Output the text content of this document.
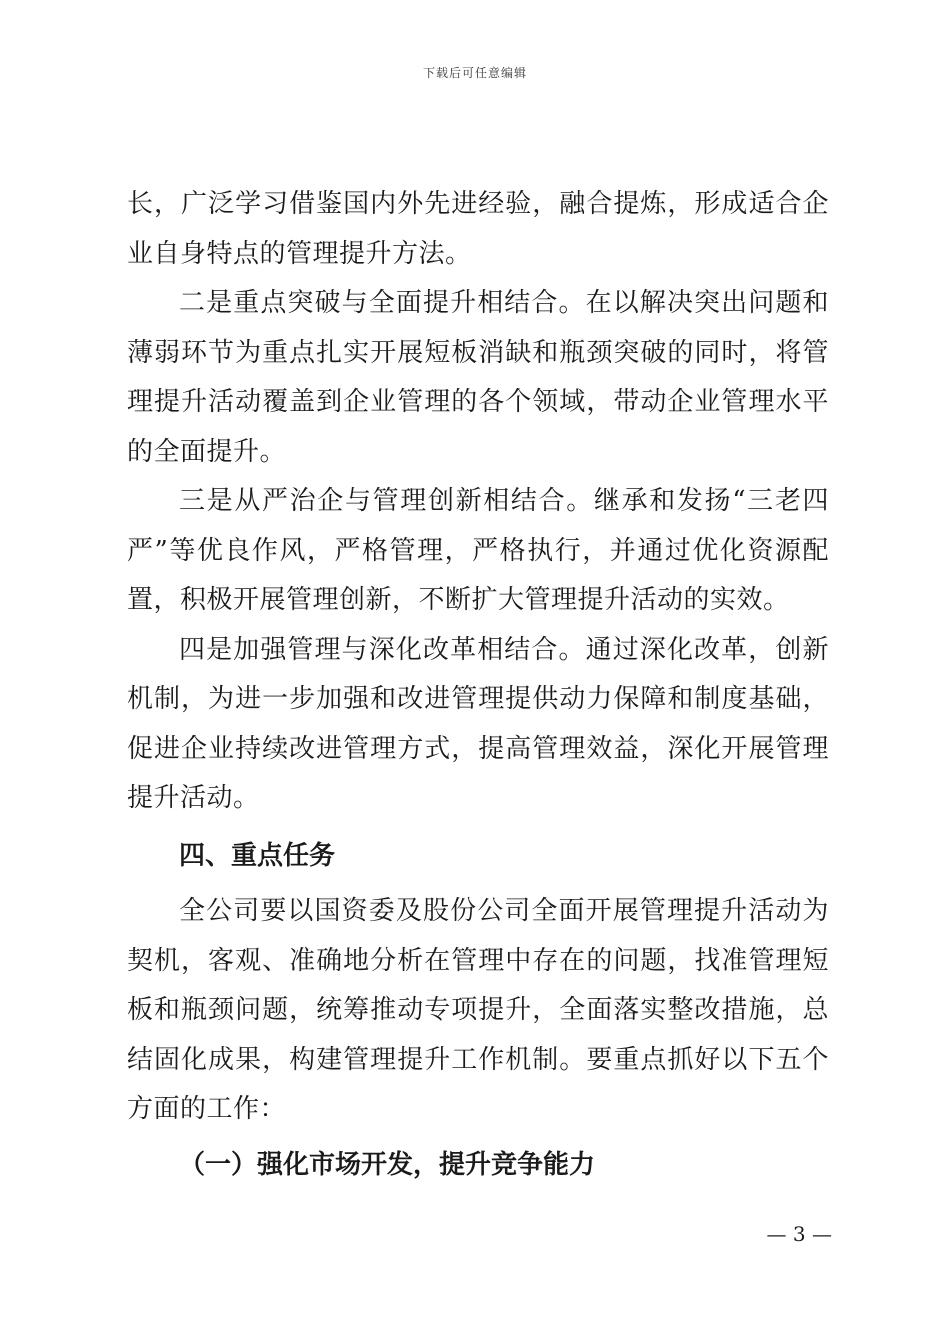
下载后可任意编辑

长，广泛学习借鉴国内外先进经验，融合提炼，形成适合企业自身特点的管理提升方法。

二是重点突破与全面提升相结合。在以解决突出问题和薄弱环节为重点扎实开展短板消缺和瓶颈突破的同时，将管理提升活动覆盖到企业管理的各个领域，带动企业管理水平的全面提升。

三是从严治企与管理创新相结合。继承和发扬“三老四严”等优良作风，严格管理，严格执行，并通过优化资源配置，积极开展管理创新，不断扩大管理提升活动的实效。

四是加强管理与深化改革相结合。通过深化改革，创新机制，为进一步加强和改进管理提供动力保障和制度基础，促进企业持续改进管理方式，提高管理效益，深化开展管理提升活动。

四、重点任务

全公司要以国资委及股份公司全面开展管理提升活动为契机，客观、准确地分析在管理中存在的问题，找准管理短板和瓶颈问题，统筹推动专项提升，全面落实整改措施，总结固化成果，构建管理提升工作机制。要重点抓好以下五个方面的工作：

（一）强化市场开发，提升竞争能力

— 3 —
